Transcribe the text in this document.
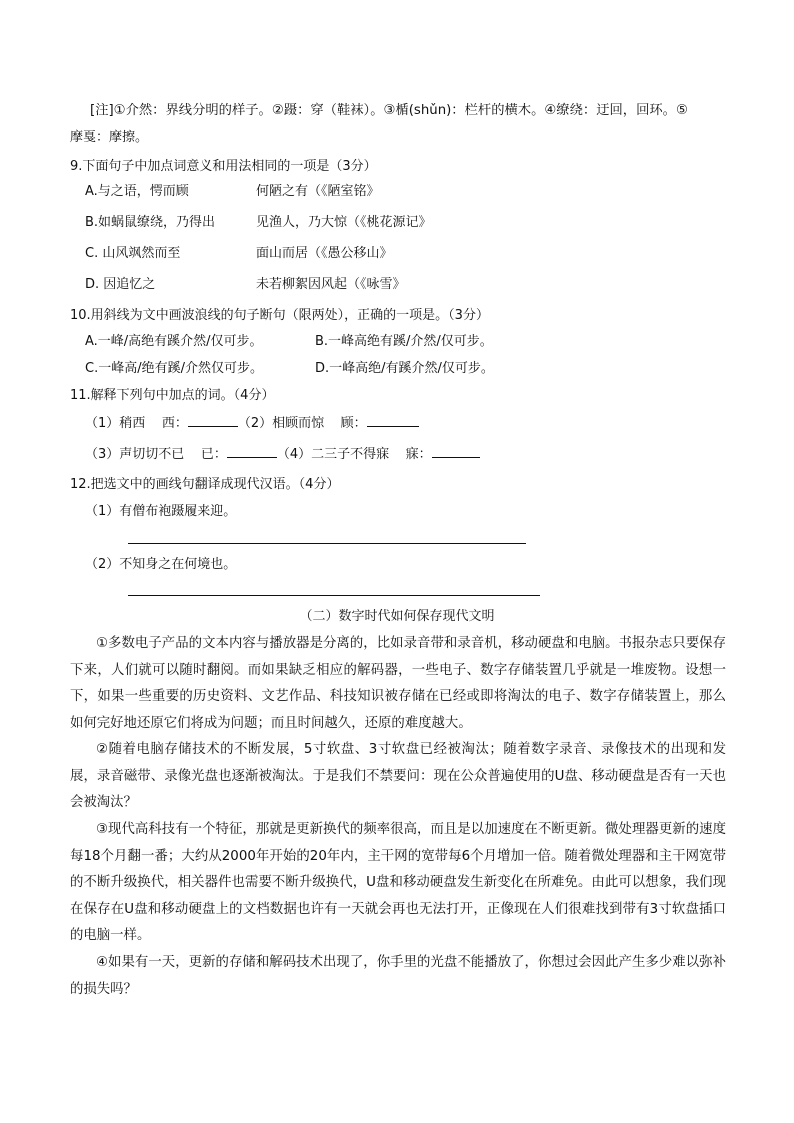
[注]①介然：界线分明的样子。②蹑：穿（鞋袜）。③楯(shǔn)：栏杆的横木。④缭绕：迂回，回环。⑤
摩戛：摩擦。
9.下面句子中加点词意义和用法相同的一项是（3分）
A.与之语，愕而顾	何陋之有（《陋室铭》
B.如蜗鼠缭绕，乃得出	见渔人，乃大惊（《桃花源记》
C. 山风飒然而至	面山而居（《愚公移山》
D. 因追忆之	未若柳絮因风起（《咏雪》
10.用斜线为文中画波浪线的句子断句（限两处），正确的一项是。（3分）
A.一峰/高绝有蹊介然/仅可步。	B.一峰高绝有蹊/介然/仅可步。
C.一峰高/绝有蹊/介然仅可步。	D.一峰高绝/有蹊介然/仅可步。
11.解释下列句中加点的词。（4分）
（1）稍西 西：	（2）相顾而惊 顾：
（3）声切切不已 已：	（4）二三子不得寐 寐：
12.把选文中的画线句翻译成现代汉语。（4分）
（1）有僧布袍蹑履来迎。
（2）不知身之在何境也。
（二）数字时代如何保存现代文明
①多数电子产品的文本内容与播放器是分离的，比如录音带和录音机，移动硬盘和电脑。书报杂志只要保存下来，人们就可以随时翻阅。而如果缺乏相应的解码器，一些电子、数字存储装置几乎就是一堆废物。设想一下，如果一些重要的历史资料、文艺作品、科技知识被存储在已经或即将淘汰的电子、数字存储装置上，那么如何完好地还原它们将成为问题；而且时间越久，还原的难度越大。
②随着电脑存储技术的不断发展，5寸软盘、3寸软盘已经被淘汰；随着数字录音、录像技术的出现和发展，录音磁带、录像光盘也逐渐被淘汰。于是我们不禁要问：现在公众普遍使用的U盘、移动硬盘是否有一天也会被淘汰？
③现代高科技有一个特征，那就是更新换代的频率很高，而且是以加速度在不断更新。微处理器更新的速度每18个月翻一番；大约从2000年开始的20年内，主干网的宽带每6个月增加一倍。随着微处理器和主干网宽带的不断升级换代，相关器件也需要不断升级换代，U盘和移动硬盘发生新变化在所难免。由此可以想象，我们现在保存在U盘和移动硬盘上的文档数据也许有一天就会再也无法打开，正像现在人们很难找到带有3寸软盘插口的电脑一样。
④如果有一天，更新的存储和解码技术出现了，你手里的光盘不能播放了，你想过会因此产生多少难以弥补的损失吗？
